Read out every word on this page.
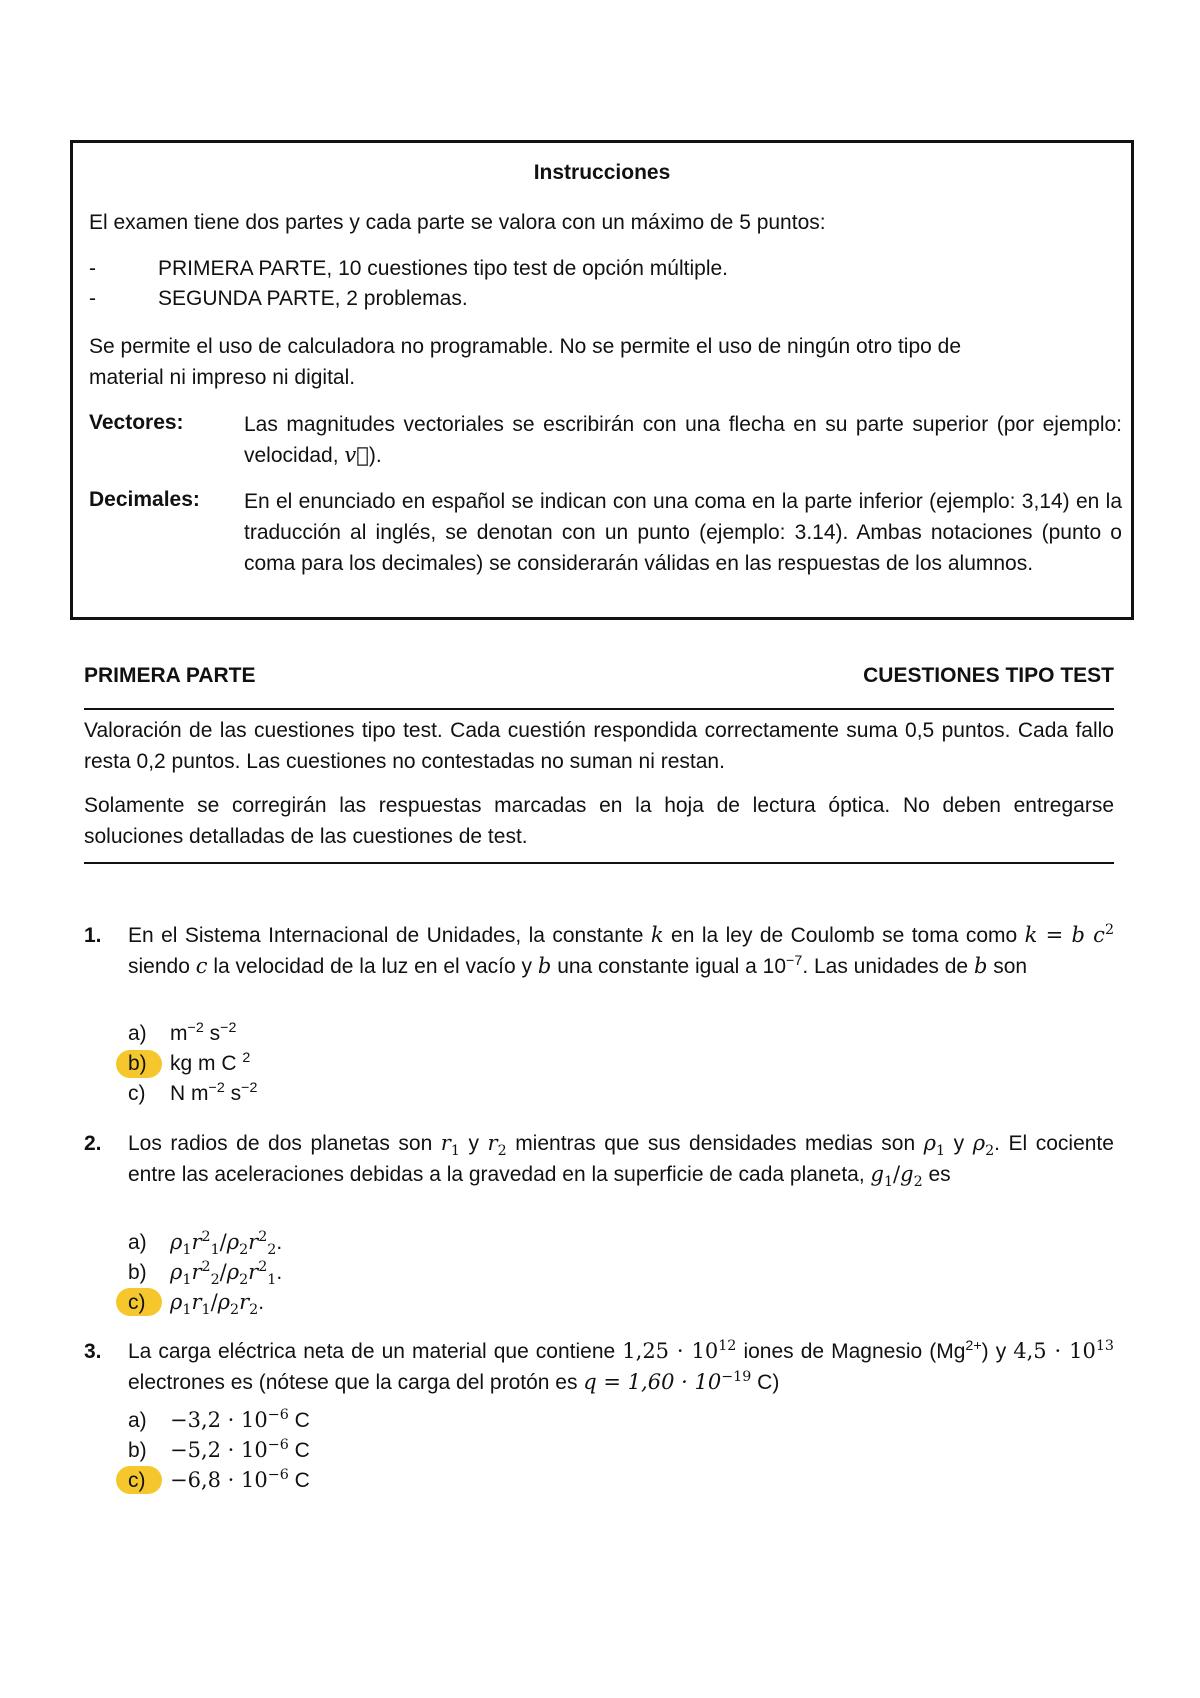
Instrucciones
El examen tiene dos partes y cada parte se valora con un máximo de 5 puntos:
-	PRIMERA PARTE, 10 cuestiones tipo test de opción múltiple.
-	SEGUNDA PARTE, 2 problemas.
Se permite el uso de calculadora no programable. No se permite el uso de ningún otro tipo de
material ni impreso ni digital.
Vectores:	Las magnitudes vectoriales se escribirán con una flecha en su parte superior (por ejemplo: velocidad, v⃗).
Decimales: En el enunciado en español se indican con una coma en la parte inferior (ejemplo: 3,14) en la traducción al inglés, se denotan con un punto (ejemplo: 3.14). Ambas notaciones (punto o coma para los decimales) se considerarán válidas en las respuestas de los alumnos.
PRIMERA PARTE	CUESTIONES TIPO TEST
Valoración de las cuestiones tipo test. Cada cuestión respondida correctamente suma 0,5 puntos. Cada fallo resta 0,2 puntos. Las cuestiones no contestadas no suman ni restan.
Solamente se corregirán las respuestas marcadas en la hoja de lectura óptica. No deben entregarse soluciones detalladas de las cuestiones de test.
1. En el Sistema Internacional de Unidades, la constante k en la ley de Coulomb se toma como k = b $c^2$ siendo c la velocidad de la luz en el vacío y b una constante igual a $10^{-7}$. Las unidades de b son
a) $m^{-2}$ $s^{-2}$
b) kg m C $^2$
c) N $m^{-2}$ $s^{-2}$
2. Los radios de dos planetas son $r_1$ y $r_2$ mientras que sus densidades medias son $\rho_1$ y $\rho_2$. El cociente entre las aceleraciones debidas a la gravedad en la superficie de cada planeta, $g_1/g_2$ es
a) $\rho_1r^2_1/\rho_2r^2_2$.
b) $\rho_1r^2_2/\rho_2r^2_1$.
c) $\rho_1r_1/\rho_2r_2$.
3. La carga eléctrica neta de un material que contiene $1,25 \cdot 10^{12}$ iones de Magnesio $(Mg^{2+})$ y $4,5 \cdot 10^{13}$ electrones es (nótese que la carga del protón es $q = 1,60 \cdot 10^{-19}$ C)
$a) -3,2 \cdot 10^{-6}$ C
$b) -5,2 \cdot 10^{-6}$ C
$c) -6,8 \cdot 10^{-6}$ C
